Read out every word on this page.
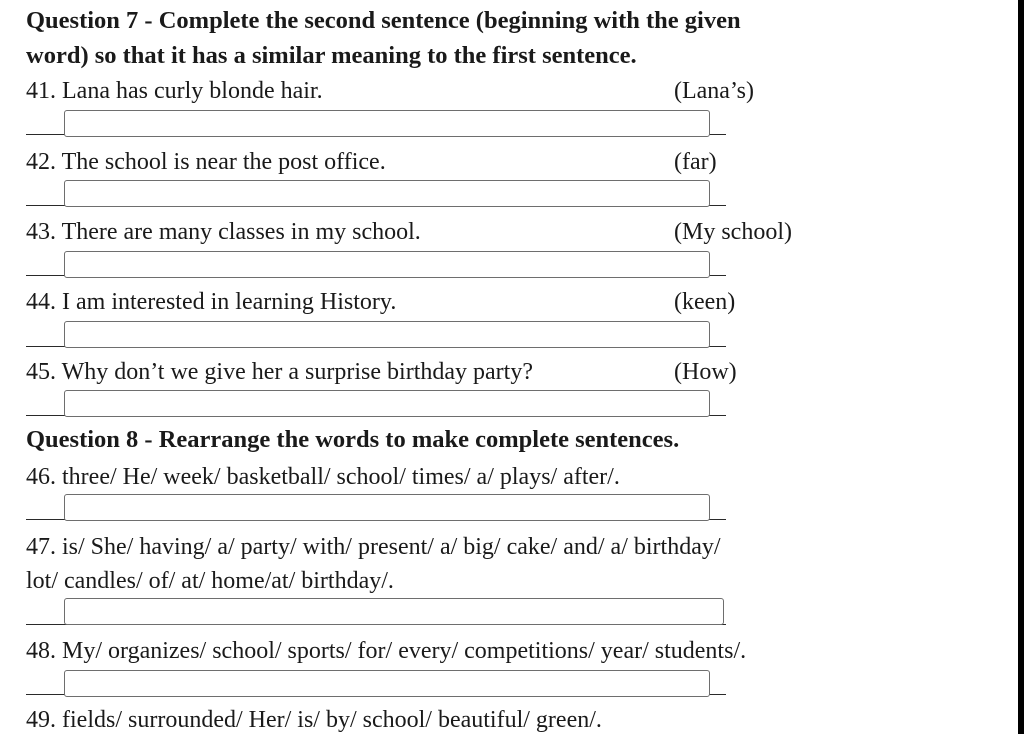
Question 7 - Complete the second sentence (beginning with the given
word) so that it has a similar meaning to the first sentence.
41. Lana has curly blonde hair.	(Lana’s)
42. The school is near the post office.	(far)
43. There are many classes in my school.	(My school)
44. I am interested in learning History.	(keen)
45. Why don’t we give her a surprise birthday party?	(How)
Question 8 - Rearrange the words to make complete sentences.
46. three/ He/ week/ basketball/ school/ times/ a/ plays/ after/.
47. is/ She/ having/ a/ party/ with/ present/ a/ big/ cake/ and/ a/ birthday/
lot/ candles/ of/ at/ home/at/ birthday/.
48. My/ organizes/ school/ sports/ for/ every/ competitions/ year/ students/.
49. fields/ surrounded/ Her/ is/ by/ school/ beautiful/ green/.
